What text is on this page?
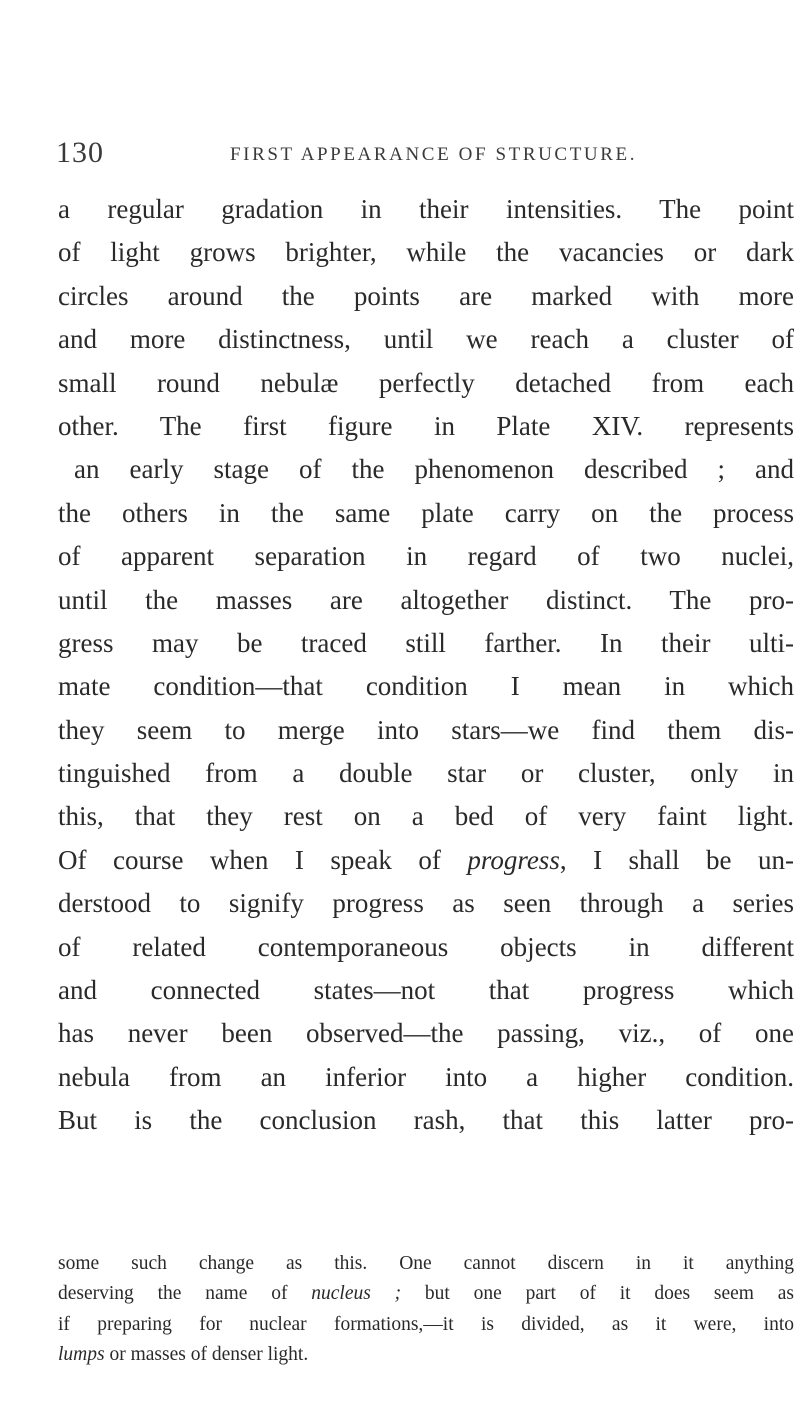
130	FIRST APPEARANCE OF STRUCTURE.
a regular gradation in their intensities. The point
of light grows brighter, while the vacancies or dark
circles around the points are marked with more
and more distinctness, until we reach a cluster of
small round nebulæ perfectly detached from each
other. The first figure in Plate XIV. represents
an early stage of the phenomenon described ; and
the others in the same plate carry on the process
of apparent separation in regard of two nuclei,
until the masses are altogether distinct. The pro-
gress may be traced still farther. In their ulti-
mate condition—that condition I mean in which
they seem to merge into stars—we find them dis-
tinguished from a double star or cluster, only in
this, that they rest on a bed of very faint light.
Of course when I speak of progress, I shall be un-
derstood to signify progress as seen through a series
of related contemporaneous objects in different
and connected states—not that progress which
has never been observed—the passing, viz., of one
nebula from an inferior into a higher condition.
But is the conclusion rash, that this latter pro-
some such change as this. One cannot discern in it anything
deserving the name of nucleus ; but one part of it does seem as
if preparing for nuclear formations,—it is divided, as it were, into
lumps or masses of denser light.
